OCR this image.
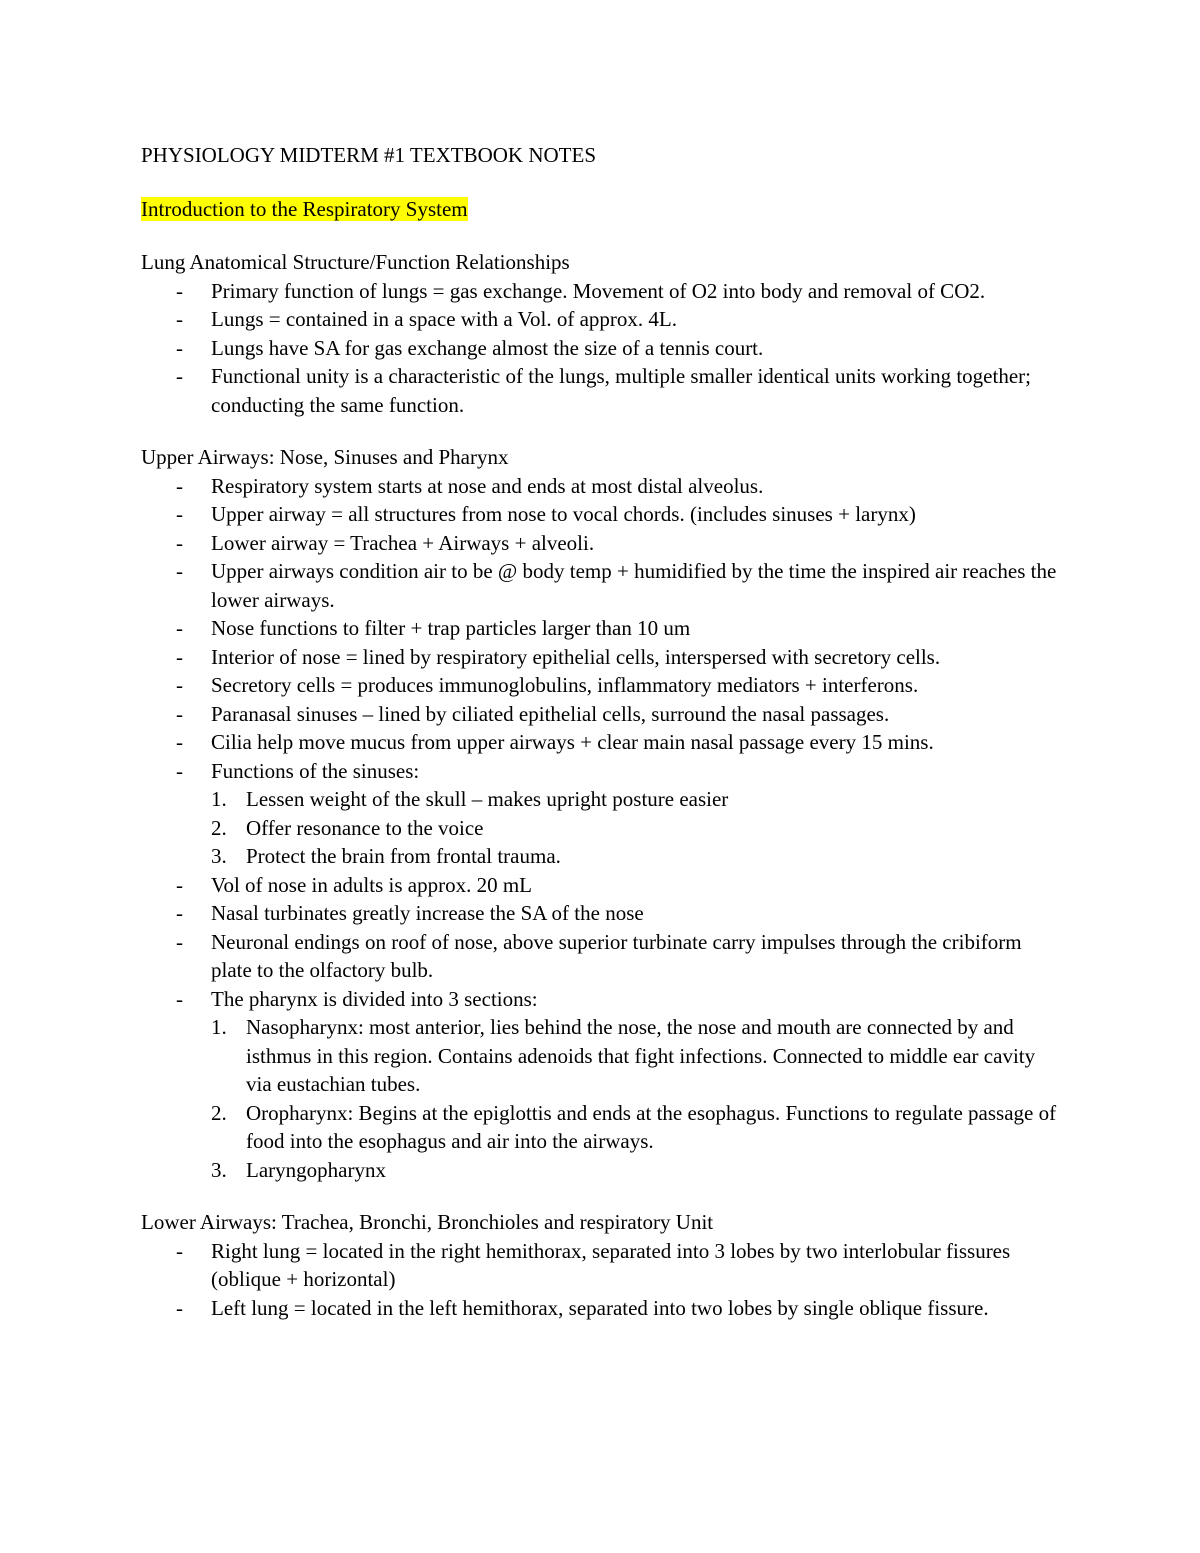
PHYSIOLOGY MIDTERM #1 TEXTBOOK NOTES
Introduction to the Respiratory System
Lung Anatomical Structure/Function Relationships
- Primary function of lungs = gas exchange. Movement of O2 into body and removal of CO2.
- Lungs = contained in a space with a Vol. of approx. 4L.
- Lungs have SA for gas exchange almost the size of a tennis court.
- Functional unity is a characteristic of the lungs, multiple smaller identical units working together; conducting the same function.
Upper Airways: Nose, Sinuses and Pharynx
- Respiratory system starts at nose and ends at most distal alveolus.
- Upper airway = all structures from nose to vocal chords. (includes sinuses + larynx)
- Lower airway = Trachea + Airways + alveoli.
- Upper airways condition air to be @ body temp + humidified by the time the inspired air reaches the lower airways.
- Nose functions to filter + trap particles larger than 10 um
- Interior of nose = lined by respiratory epithelial cells, interspersed with secretory cells.
- Secretory cells = produces immunoglobulins, inflammatory mediators + interferons.
- Paranasal sinuses – lined by ciliated epithelial cells, surround the nasal passages.
- Cilia help move mucus from upper airways + clear main nasal passage every 15 mins.
- Functions of the sinuses:
1. Lessen weight of the skull – makes upright posture easier
2. Offer resonance to the voice
3. Protect the brain from frontal trauma.
- Vol of nose in adults is approx. 20 mL
- Nasal turbinates greatly increase the SA of the nose
- Neuronal endings on roof of nose, above superior turbinate carry impulses through the cribiform plate to the olfactory bulb.
- The pharynx is divided into 3 sections:
1. Nasopharynx: most anterior, lies behind the nose, the nose and mouth are connected by and isthmus in this region. Contains adenoids that fight infections. Connected to middle ear cavity via eustachian tubes.
2. Oropharynx: Begins at the epiglottis and ends at the esophagus. Functions to regulate passage of food into the esophagus and air into the airways.
3. Laryngopharynx
Lower Airways: Trachea, Bronchi, Bronchioles and respiratory Unit
- Right lung = located in the right hemithorax, separated into 3 lobes by two interlobular fissures (oblique + horizontal)
- Left lung = located in the left hemithorax, separated into two lobes by single oblique fissure.
